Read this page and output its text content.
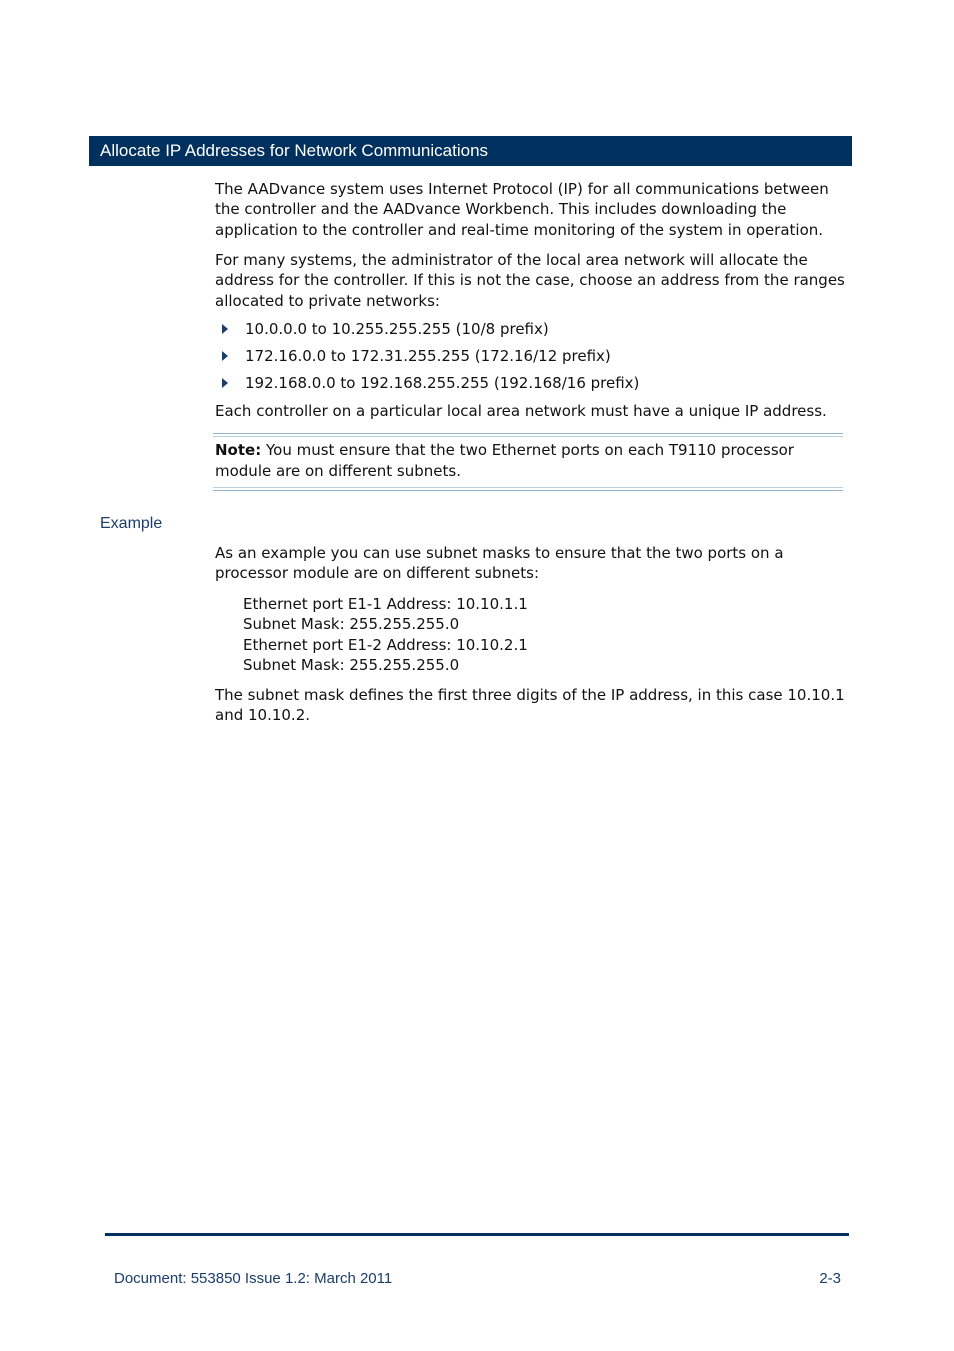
Allocate IP Addresses for Network Communications

The AADvance system uses Internet Protocol (IP) for all communications between the controller and the AADvance Workbench. This includes downloading the application to the controller and real-time monitoring of the system in operation.

For many systems, the administrator of the local area network will allocate the address for the controller. If this is not the case, choose an address from the ranges allocated to private networks:

10.0.0.0 to 10.255.255.255 (10/8 prefix)
172.16.0.0 to 172.31.255.255 (172.16/12 prefix)
192.168.0.0 to 192.168.255.255 (192.168/16 prefix)

Each controller on a particular local area network must have a unique IP address.

Note: You must ensure that the two Ethernet ports on each T9110 processor module are on different subnets.
Example

As an example you can use subnet masks to ensure that the two ports on a processor module are on different subnets:

Ethernet port E1-1 Address: 10.10.1.1
Subnet Mask: 255.255.255.0
Ethernet port E1-2 Address: 10.10.2.1
Subnet Mask: 255.255.255.0

The subnet mask defines the first three digits of the IP address, in this case 10.10.1 and 10.10.2.

Document: 553850 Issue 1.2: March 2011	2-3
